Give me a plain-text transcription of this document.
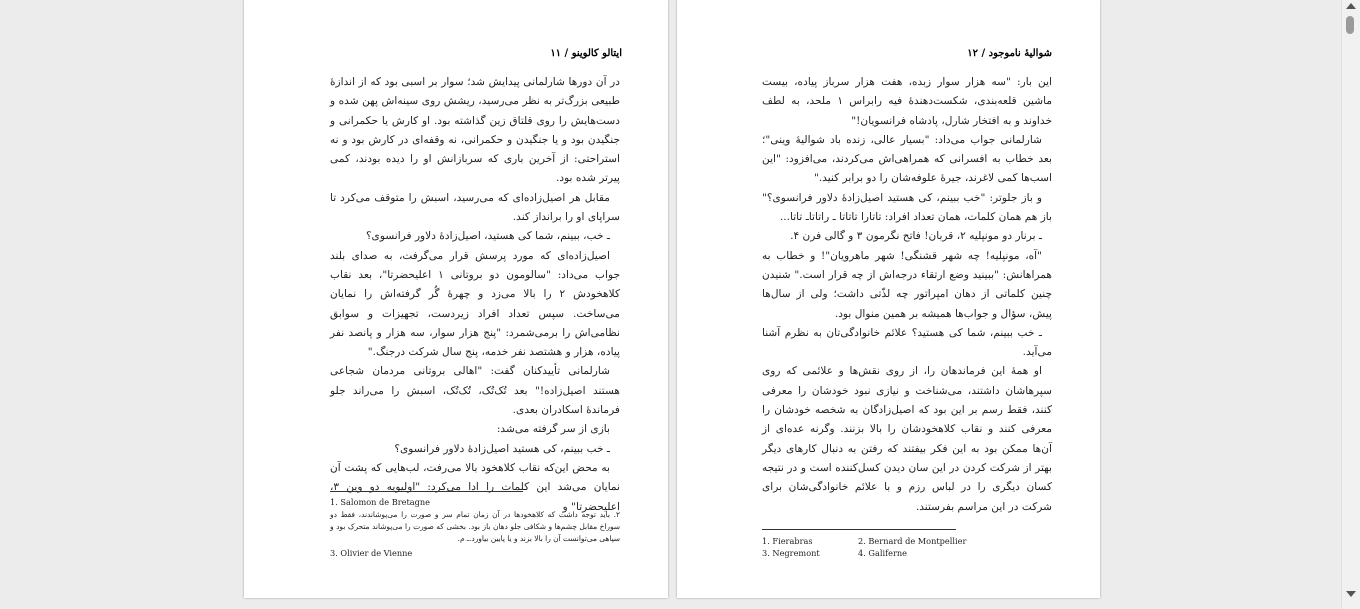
ایتالو کالوینو / ۱۱

در آن دورها شارلمانی پیدایش شد؛ سوار بر اسبی بود که از اندازهٔ طبیعی بزرگ‌تر به نظر می‌رسید، ریشش روی سینه‌اش پهن شده و دست‌هایش را روی قلتاق زین گذاشته بود. او کارش یا حکمرانی و جنگیدن بود و یا جنگیدن و حکمرانی، نه وقفه‌ای در کارش بود و نه استراحتی: از آخرین باری که سربازانش او را دیده بودند، کمی پیرتر شده بود.

مقابل هر اصیل‌زاده‌ای که می‌رسید، اسبش را متوقف می‌کرد تا سراپای او را برانداز کند.

ـ خب، ببینم، شما کی هستید، اصیل‌زادهٔ دلاور فرانسوی؟

اصیل‌زاده‌ای که مورد پرسش قرار می‌گرفت، به صدای بلند جواب می‌داد: "سالومون دو بروتانی ۱ اعلیحضرتا"، بعد نقاب کلاهخودش ۲ را بالا می‌زد و چهرهٔ گُر گرفته‌اش را نمایان می‌ساخت. سپس تعداد افراد زیردست، تجهیزات و سوابق نظامی‌اش را برمی‌شمرد: "پنج هزار سوار، سه هزار و پانصد نفر پیاده، هزار و هشتصد نفر خدمه، پنج سال شرکت درجنگ."

شارلمانی تأییدکنان گفت: "اهالی بروتانی مردمان شجاعی هستند اصیل‌زاده!" بعد تُک‌تُک، تُک‌تُک، اسبش را می‌راند جلو فرماندهٔ اسکادران بعدی.

بازی از سر گرفته می‌شد:

ـ خب ببینم، کی هستید اصیل‌زادهٔ دلاور فرانسوی؟

به محض این‌که نقاب کلاهخود بالا می‌رفت، لب‌هایی که پشت آن نمایان می‌شد این کلمات را ادا می‌کرد: "اولیویه دو وین ۳، اعلیحضرتا" و

1. Salomon de Bretagne
۲. باید توجه داشت که کلاهخودها در آن زمان تمام سر و صورت را می‌پوشاندند، فقط دو سوراخ مقابل چشم‌ها و شکافی جلو دهان باز بود. بخشی که صورت را می‌پوشاند متحرک بود و سپاهی می‌توانست آن را بالا بزند و یا پایین بیاورد.ـ م.
3. Olivier de Vienne
شوالیهٔ ناموجود / ۱۲

این بار: "سه هزار سوار زبده، هفت هزار سرباز پیاده، بیست ماشین قلعه‌بندی، شکست‌دهندهٔ فیه رابراس ۱ ملحد، به لطف خداوند و به افتخار شارل، پادشاه فرانسویان!"

شارلمانی جواب می‌داد: "بسیار عالی، زنده باد شوالیهٔ وینی"؛ بعد خطاب به افسرانی که همراهی‌اش می‌کردند، می‌افزود: "این اسب‌ها کمی لاغرند، جیرهٔ علوفه‌شان را دو برابر کنید."

و باز جلوتر: "خب ببینم، کی هستید اصیل‌زادهٔ دلاور فرانسوی؟" باز هم همان کلمات، همان تعداد افراد: تاتارا تاتاتا ـ راتاتاـ تاتا...

ـ برنار دو مونپلیه ۲، قربان! فاتح نگرمون ۳ و گالی فرن ۴.

"آه، مونپلیه! چه شهر قشنگی! شهر ماهرویان"! و خطاب به همراهانش: "ببینید وضع ارتقاء درجه‌اش از چه قرار است." شنیدن چنین کلماتی از دهان امپراتور چه لذّتی داشت؛ ولی از سال‌ها پیش، سؤال و جواب‌ها همیشه بر همین منوال بود.

ـ خب ببینم، شما کی هستید؟ علائم خانوادگی‌تان به نظرم آشنا می‌آید.

او همهٔ این فرماندهان را، از روی نقش‌ها و علائمی که روی سپرهاشان داشتند، می‌شناخت و نیازی نبود خودشان را معرفی کنند، فقط رسم بر این بود که اصیل‌زادگان به شخصه خودشان را معرفی کنند و نقاب کلاهخودشان را بالا بزنند. وگرنه عده‌ای از آن‌ها ممکن بود به این فکر بیفتند که رفتن به دنبال کارهای دیگر بهتر از شرکت کردن در این سان دیدن کسل‌کننده است و در نتیجه کسان دیگری را در لباس رزم و با علائم خانوادگی‌شان برای شرکت در این مراسم بفرستند.

1. Fierabras	2. Bernard de Montpellier
3. Negremont	4. Galiferne
